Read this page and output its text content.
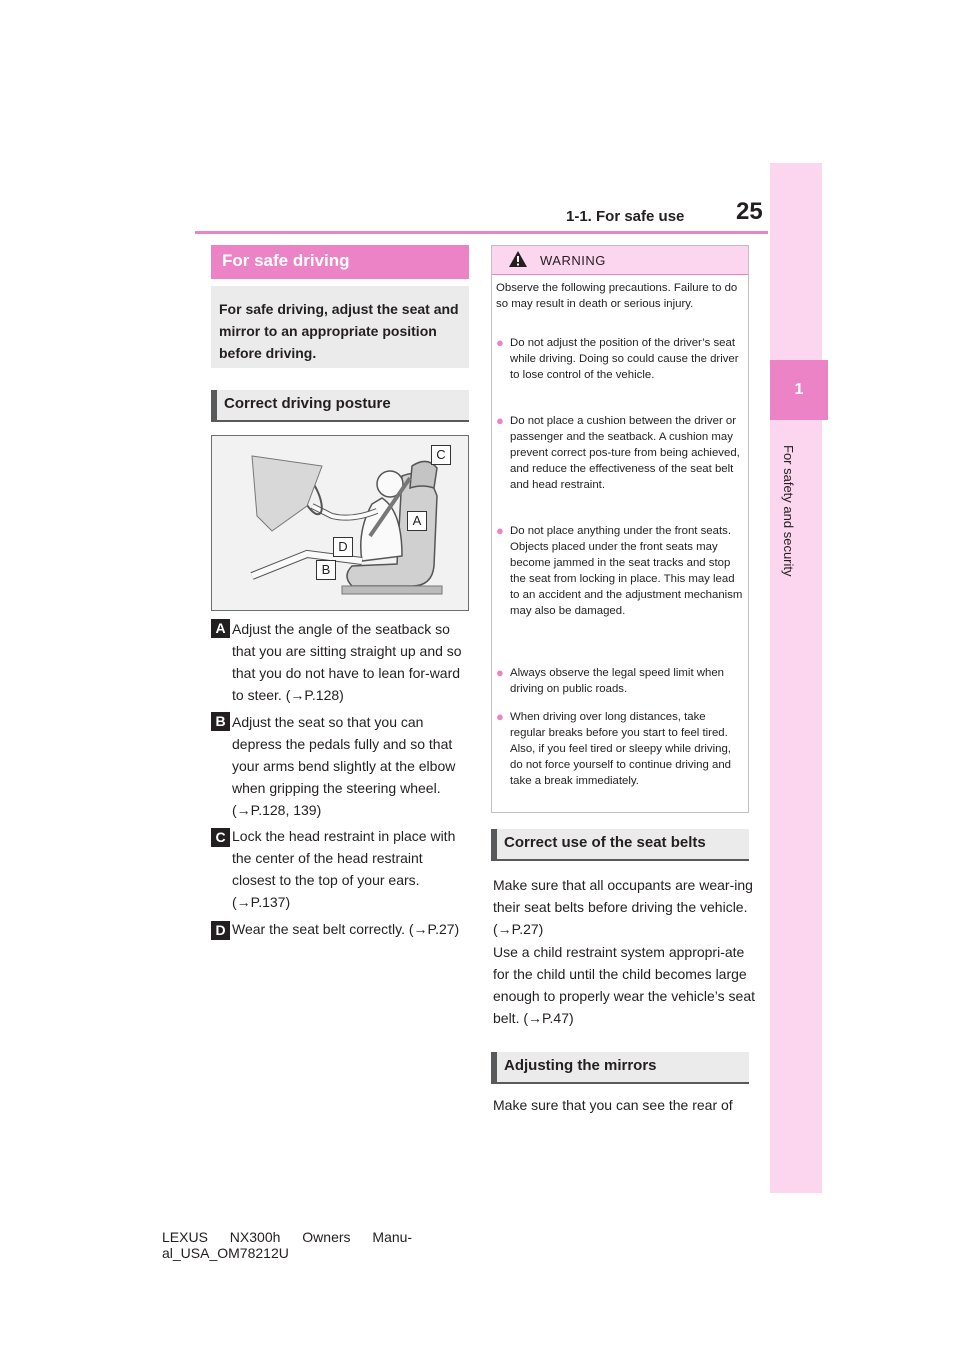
1-1. For safe use 25
1
For safety and security
For safe driving
For safe driving, adjust the seat and mirror to an appropriate position before driving.
Correct driving posture
C
A
D
B
A Adjust the angle of the seatback so that you are sitting straight up and so that you do not have to lean for-ward to steer. (→P.128)
B Adjust the seat so that you can depress the pedals fully and so that your arms bend slightly at the elbow when gripping the steering wheel. (→P.128, 139)
C Lock the head restraint in place with the center of the head restraint closest to the top of your ears. (→P.137)
D Wear the seat belt correctly. (→P.27)
WARNING
Observe the following precautions. Failure to do so may result in death or serious injury.
● Do not adjust the position of the driver’s seat while driving. Doing so could cause the driver to lose control of the vehicle.
● Do not place a cushion between the driver or passenger and the seatback. A cushion may prevent correct pos-ture from being achieved, and reduce the effectiveness of the seat belt and head restraint.
● Do not place anything under the front seats. Objects placed under the front seats may become jammed in the seat tracks and stop the seat from locking in place. This may lead to an accident and the adjustment mechanism may also be damaged.
● Always observe the legal speed limit when driving on public roads.
● When driving over long distances, take regular breaks before you start to feel tired. Also, if you feel tired or sleepy while driving, do not force yourself to continue driving and take a break immediately.
Correct use of the seat belts
Make sure that all occupants are wear-ing their seat belts before driving the vehicle. (→P.27)
Use a child restraint system appropri-ate for the child until the child becomes large enough to properly wear the vehicle’s seat belt. (→P.47)
Adjusting the mirrors
Make sure that you can see the rear of
LEXUS NX300h Owners Manu-
al_USA_OM78212U
